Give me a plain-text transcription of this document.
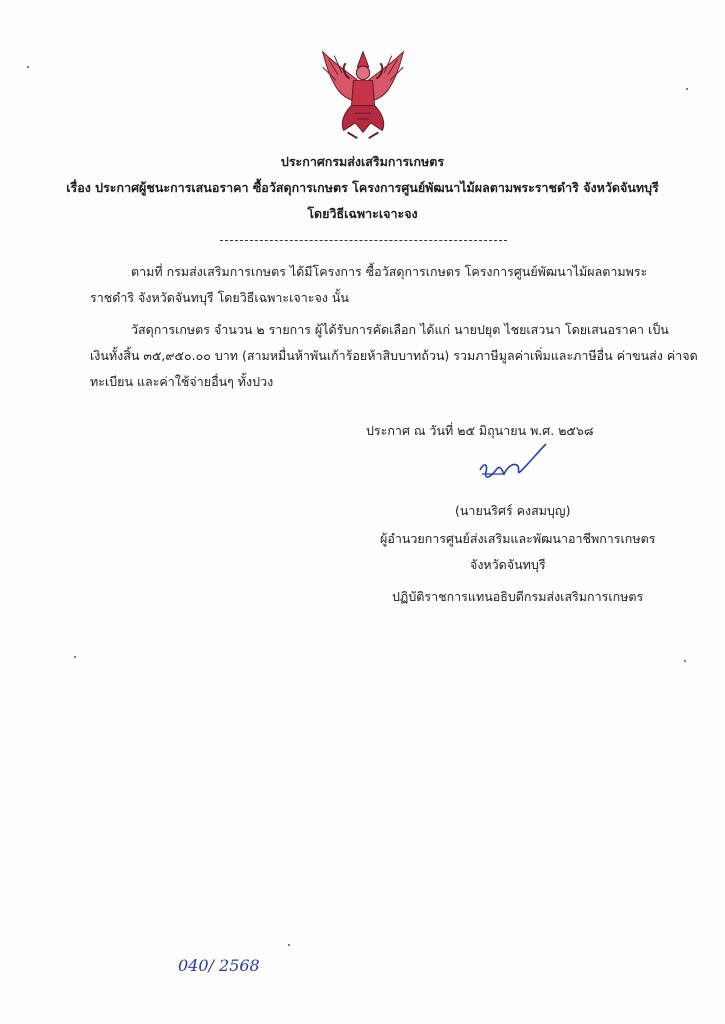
ประกาศกรมส่งเสริมการเกษตร
เรื่อง ประกาศผู้ชนะการเสนอราคา ซื้อวัสดุการเกษตร โครงการศูนย์พัฒนาไม้ผลตามพระราชดำริ จังหวัดจันทบุรี
โดยวิธีเฉพาะเจาะจง
ตามที่ กรมส่งเสริมการเกษตร ได้มีโครงการ ซื้อวัสดุการเกษตร โครงการศูนย์พัฒนาไม้ผลตามพระ
ราชดำริ จังหวัดจันทบุรี โดยวิธีเฉพาะเจาะจง นั้น
วัสดุการเกษตร จำนวน ๒ รายการ ผู้ได้รับการคัดเลือก ได้แก่ นายปยุต ไชยเสวนา โดยเสนอราคา เป็น
เงินทั้งสิ้น ๓๕,๙๕๐.๐๐ บาท (สามหมื่นห้าพันเก้าร้อยห้าสิบบาทถ้วน) รวมภาษีมูลค่าเพิ่มและภาษีอื่น ค่าขนส่ง ค่าจด
ทะเบียน และค่าใช้จ่ายอื่นๆ ทั้งปวง
ประกาศ ณ วันที่ ๒๕ มิถุนายน พ.ศ. ๒๕๖๘
(นายนริศร์ คงสมบุญ)
ผู้อำนวยการศูนย์ส่งเสริมและพัฒนาอาชีพการเกษตร
จังหวัดจันทบุรี
ปฏิบัติราชการแทนอธิบดีกรมส่งเสริมการเกษตร
040/ 2568
